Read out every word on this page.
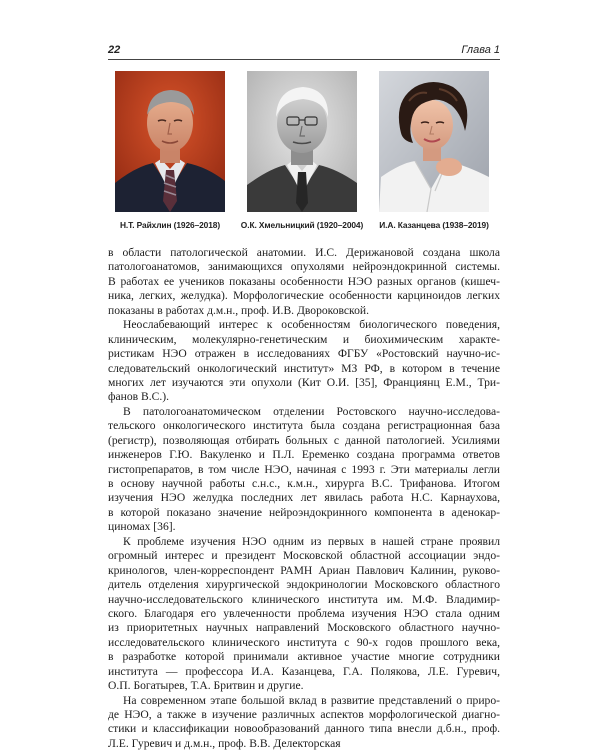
22	Глава 1
Н.Т. Райхлин (1926–2018)	О.К. Хмельницкий (1920–2004)	И.А. Казанцева (1938–2019)

в области патологической анатомии. И.С. Дерижановой создана школа
патологоанатомов, занимающихся опухолями нейроэндокринной системы.
В работах ее учеников показаны особенности НЭО разных органов (кишеч-
ника, легких, желудка). Морфологические особенности карциноидов легких
показаны в работах д.м.н., проф. И.В. Двороковской.

Неослабевающий интерес к особенностям биологического поведения,
клиническим, молекулярно-генетическим и биохимическим характе-
ристикам НЭО отражен в исследованиях ФГБУ «Ростовский научно-ис-
следовательский онкологический институт» МЗ РФ, в котором в течение
многих лет изучаются эти опухоли (Кит О.И. [35], Франциянц Е.М., Три-
фанов В.С.).

В патологоанатомическом отделении Ростовского научно-исследова-
тельского онкологического института была создана регистрационная база
(регистр), позволяющая отбирать больных с данной патологией. Усилиями
инженеров Г.Ю. Вакуленко и П.Л. Еременко создана программа ответов
гистопрепаратов, в том числе НЭО, начиная с 1993 г. Эти материалы легли
в основу научной работы с.н.с., к.м.н., хирурга В.С. Трифанова. Итогом
изучения НЭО желудка последних лет явилась работа Н.С. Карнаухова,
в которой показано значение нейроэндокринного компонента в аденокар-
циномах [36].

К проблеме изучения НЭО одним из первых в нашей стране проявил
огромный интерес и президент Московской областной ассоциации эндо-
кринологов, член-корреспондент РАМН Ариан Павлович Калинин, руково-
дитель отделения хирургической эндокринологии Московского областного
научно-исследовательского клинического института им. М.Ф. Владимир-
ского. Благодаря его увлеченности проблема изучения НЭО стала одним
из приоритетных научных направлений Московского областного научно-
исследовательского клинического института с 90-х годов прошлого века,
в разработке которой принимали активное участие многие сотрудники
института — профессора И.А. Казанцева, Г.А. Полякова, Л.Е. Гуревич,
О.П. Богатырев, Т.А. Бритвин и другие.

На современном этапе большой вклад в развитие представлений о приро-
де НЭО, а также в изучение различных аспектов морфологической диагно-
стики и классификации новообразований данного типа внесли д.б.н., проф.
Л.Е. Гуревич и д.м.н., проф. В.В. Делекторская
